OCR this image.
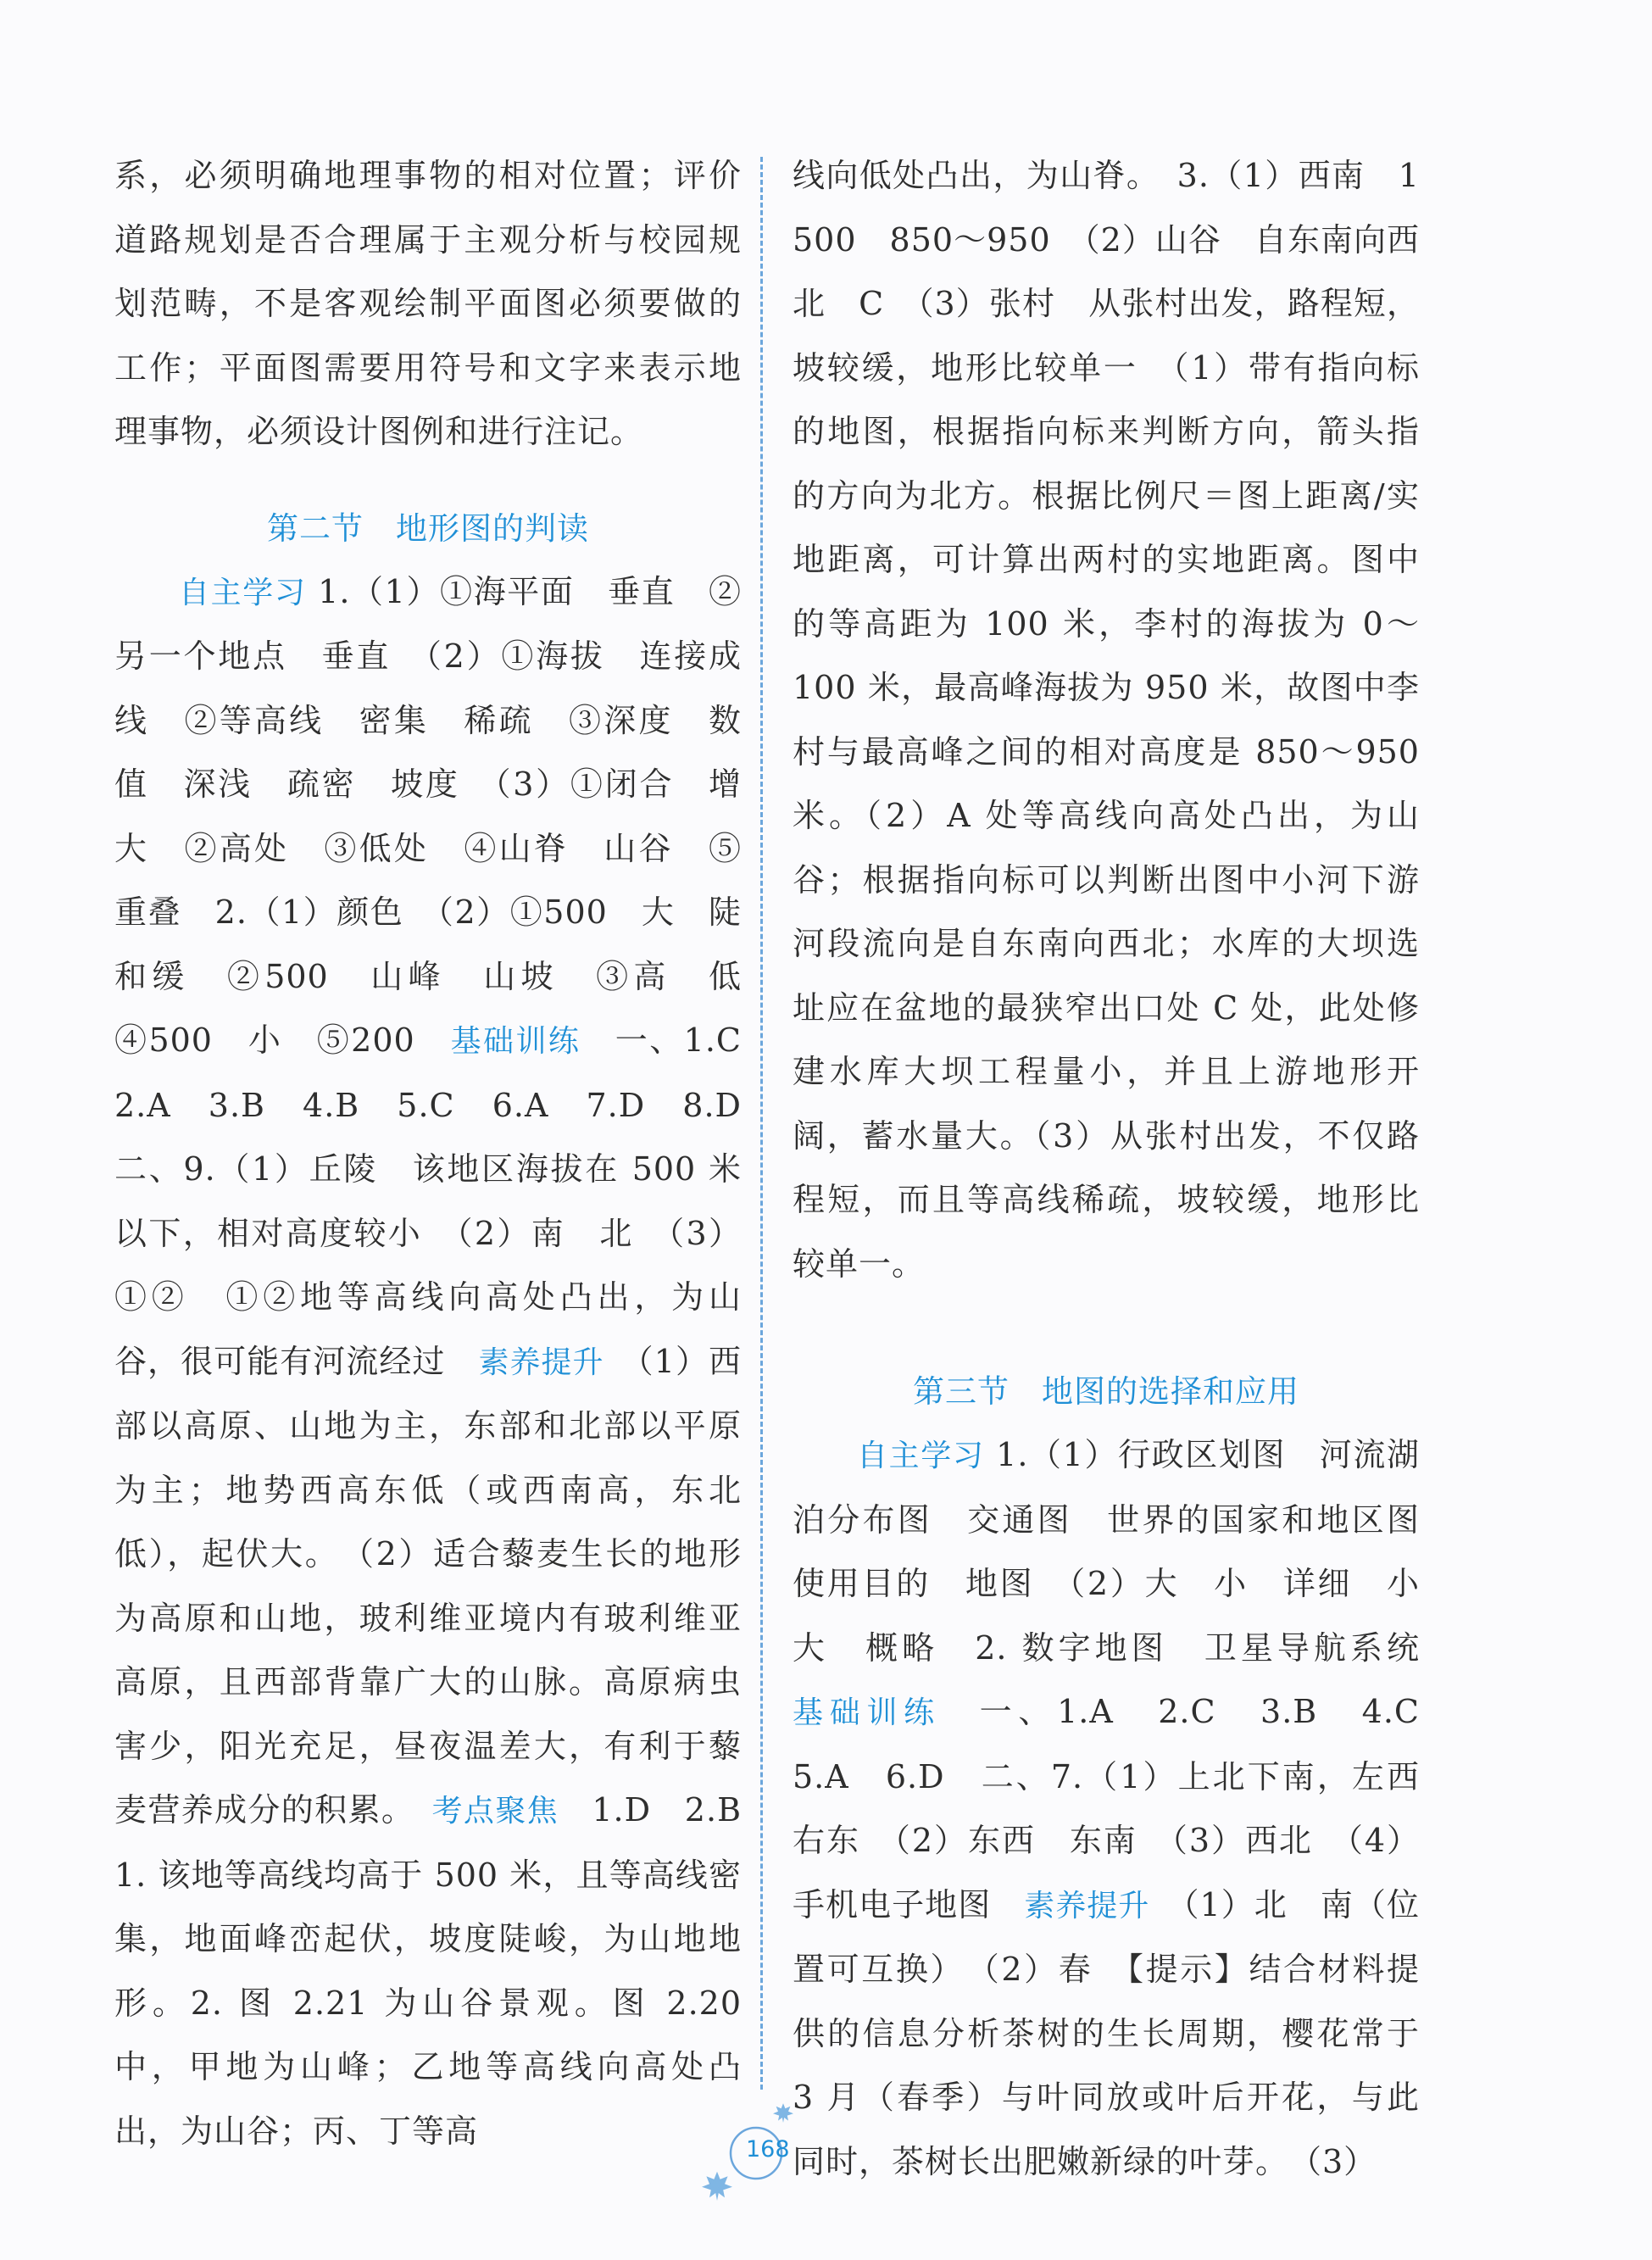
系，必须明确地理事物的相对位置；评价道路规划是否合理属于主观分析与校园规划范畴，不是客观绘制平面图必须要做的工作；平面图需要用符号和文字来表示地理事物，必须设计图例和进行注记。

第二节　地形图的判读

自主学习 1.（1）①海平面　垂直　②另一个地点　垂直　（2）①海拔　连接成线　②等高线　密集　稀疏　③深度　数值　深浅　疏密　坡度　（3）①闭合　增大　②高处　③低处　④山脊　山谷　⑤重叠　2.（1）颜色　（2）①500　大　陡　和缓　②500　山峰　山坡　③高　低　④500　小　⑤200　基础训练　一、1.C　2.A　3.B　4.B　5.C　6.A　7.D　8.D　二、9.（1）丘陵　该地区海拔在 500 米以下，相对高度较小　（2）南　北　（3）①②　①②地等高线向高处凸出，为山谷，很可能有河流经过　素养提升　（1）西部以高原、山地为主，东部和北部以平原为主；地势西高东低（或西南高，东北低），起伏大。　（2）适合藜麦生长的地形为高原和山地，玻利维亚境内有玻利维亚高原，且西部背靠广大的山脉。高原病虫害少，阳光充足，昼夜温差大，有利于藜麦营养成分的积累。　考点聚焦　1.D　2.B　1. 该地等高线均高于 500 米，且等高线密集，地面峰峦起伏，坡度陡峻，为山地地形。2. 图 2.21 为山谷景观。图 2.20 中，甲地为山峰；乙地等高线向高处凸出，为山谷；丙、丁等高

线向低处凸出，为山脊。　3.（1）西南　1 500　850～950　（2）山谷　自东南向西北　C　（3）张村　从张村出发，路程短，坡较缓，地形比较单一　（1）带有指向标的地图，根据指向标来判断方向，箭头指的方向为北方。根据比例尺＝图上距离/实地距离，可计算出两村的实地距离。图中的等高距为 100 米，李村的海拔为 0～100 米，最高峰海拔为 950 米，故图中李村与最高峰之间的相对高度是 850～950 米。（2）A 处等高线向高处凸出，为山谷；根据指向标可以判断出图中小河下游河段流向是自东南向西北；水库的大坝选址应在盆地的最狭窄出口处 C 处，此处修建水库大坝工程量小，并且上游地形开阔，蓄水量大。（3）从张村出发，不仅路程短，而且等高线稀疏，坡较缓，地形比较单一。

第三节　地图的选择和应用

自主学习 1.（1）行政区划图　河流湖泊分布图　交通图　世界的国家和地区图　使用目的　地图　（2）大　小　详细　小　大　概略　2. 数字地图　卫星导航系统　基础训练　一、1.A　2.C　3.B　4.C　5.A　6.D　二、7.（1）上北下南，左西右东　（2）东西　东南　（3）西北　（4）手机电子地图　素养提升　（1）北　南（位置可互换）　（2）春　【提示】结合材料提供的信息分析茶树的生长周期，樱花常于 3 月（春季）与叶同放或叶后开花，与此同时，茶树长出肥嫩新绿的叶芽。　（3）

168
